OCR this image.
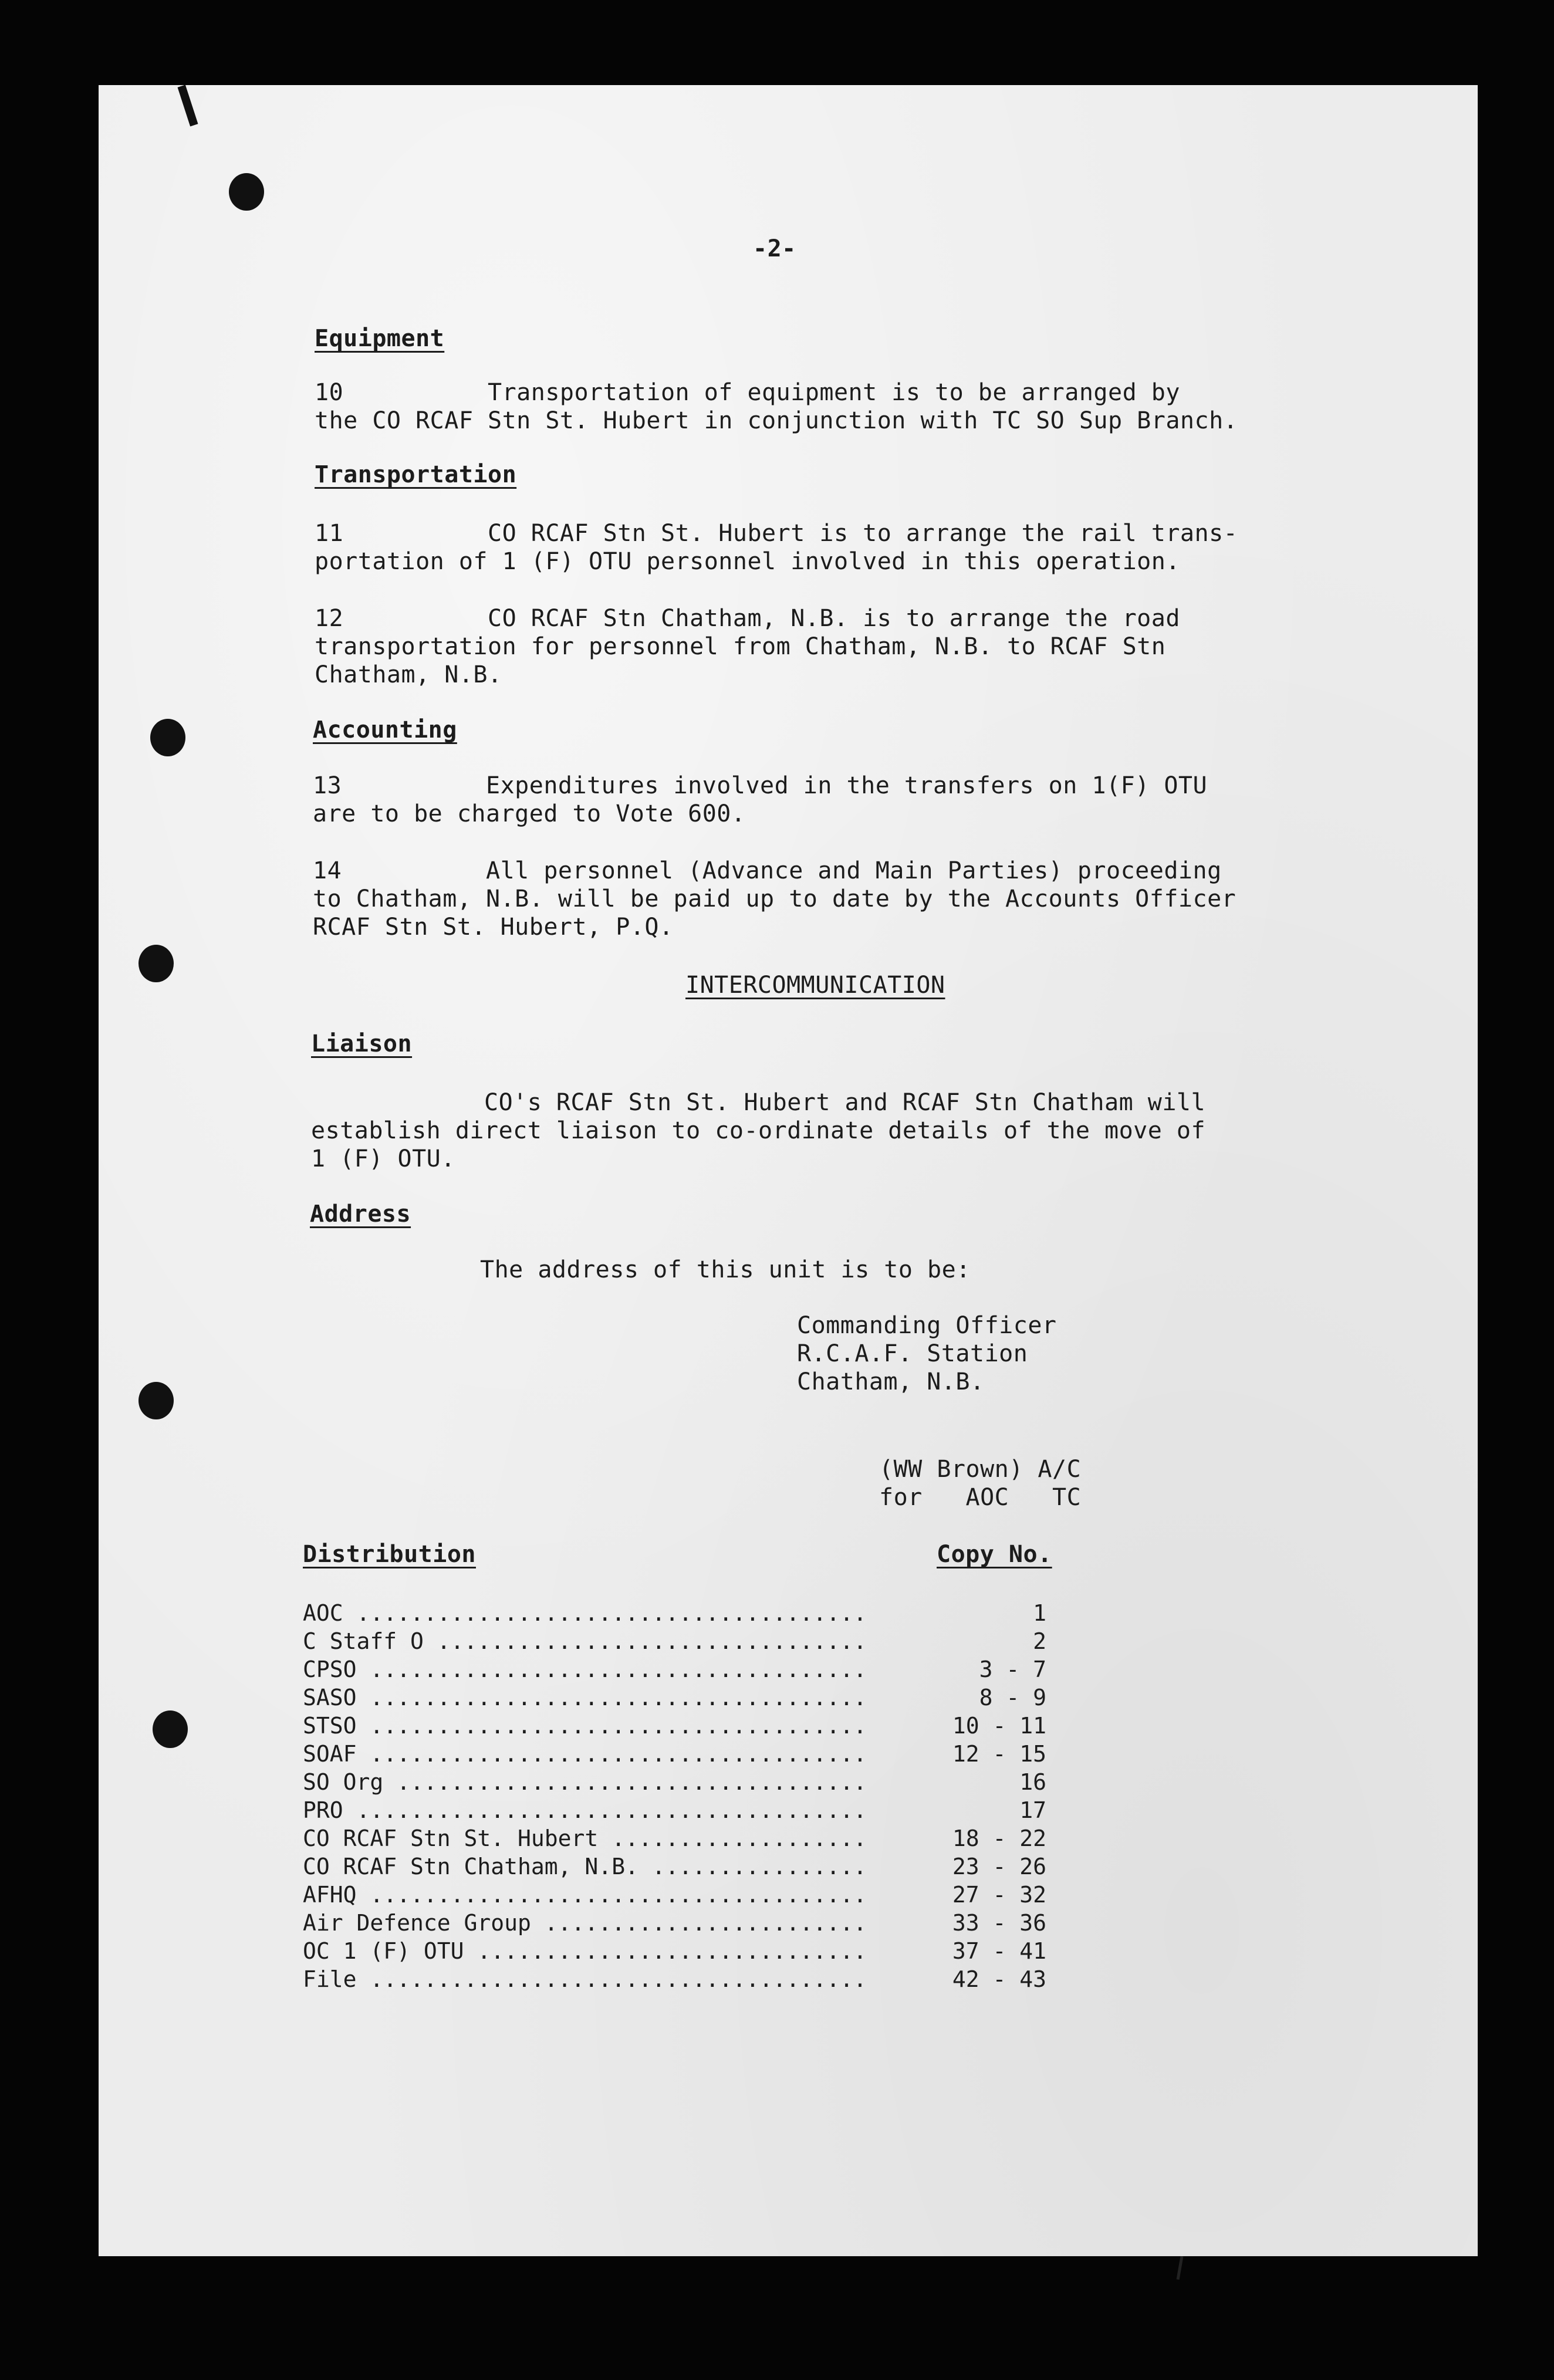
-2-
Equipment
10          Transportation of equipment is to be arranged by
the CO RCAF Stn St. Hubert in conjunction with TC SO Sup Branch.
Transportation
11          CO RCAF Stn St. Hubert is to arrange the rail trans-
portation of 1 (F) OTU personnel involved in this operation.
12          CO RCAF Stn Chatham, N.B. is to arrange the road
transportation for personnel from Chatham, N.B. to RCAF Stn
Chatham, N.B.
Accounting
13          Expenditures involved in the transfers on 1(F) OTU
are to be charged to Vote 600.
14          All personnel (Advance and Main Parties) proceeding
to Chatham, N.B. will be paid up to date by the Accounts Officer
RCAF Stn St. Hubert, P.Q.
INTERCOMMUNICATION
Liaison
CO's RCAF Stn St. Hubert and RCAF Stn Chatham will
establish direct liaison to co-ordinate details of the move of
1 (F) OTU.
Address
The address of this unit is to be:
Commanding Officer
R.C.A.F. Station
Chatham, N.B.
(WW Brown) A/C
for   AOC   TC
Distribution	Copy No.
AOC ......................................	1
C Staff O ................................	2
CPSO .....................................	3 - 7
SASO .....................................	8 - 9
STSO .....................................	10 - 11
SOAF .....................................	12 - 15
SO Org ...................................	16
PRO ......................................	17
CO RCAF Stn St. Hubert ...................	18 - 22
CO RCAF Stn Chatham, N.B. ................	23 - 26
AFHQ .....................................	27 - 32
Air Defence Group ........................	33 - 36
OC 1 (F) OTU .............................	37 - 41
File .....................................	42 - 43
